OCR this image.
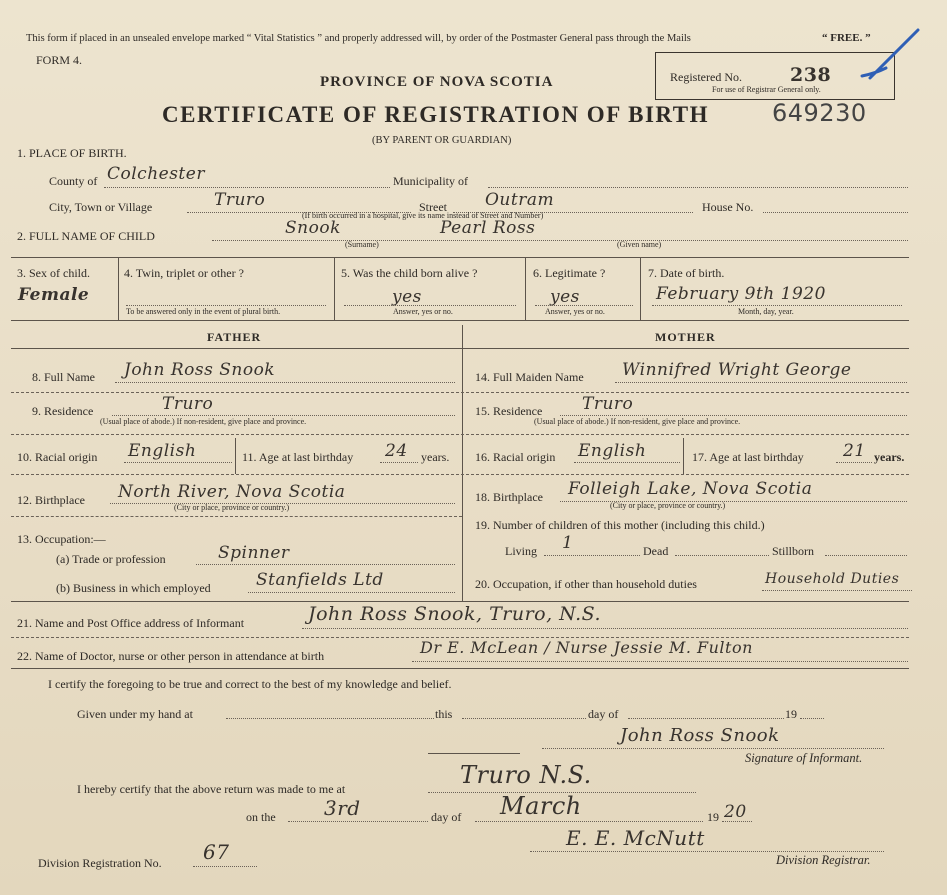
This form if placed in an unsealed envelope marked “ Vital Statistics ” and properly addressed will, by order of the Postmaster General pass through the Mails	“ FREE. ”
FORM 4.
Registered No.	238
For use of Registrar General only.
PROVINCE OF NOVA SCOTIA
CERTIFICATE OF REGISTRATION OF BIRTH	649230
(BY PARENT OR GUARDIAN)
1. PLACE OF BIRTH.
County of Colchester	Municipality of
City, Town or Village	Truro	Street Outram	House No.
(If birth occurred in a hospital, give its name instead of Street and Number)
2. FULL NAME OF CHILD	Snook	Pearl Ross
(Surname)	(Given name)
3. Sex of child.
Female
4. Twin, triplet or other ?
To be answered only in the event of plural birth.
5. Was the child born alive ?
yes
Answer, yes or no.
6. Legitimate ?
yes
Answer, yes or no.
7. Date of birth.
February 9th 1920
Month, day, year.
FATHER	MOTHER
8. Full Name John Ross Snook
9. Residence	Truro
(Usual place of abode.) If non-resident, give place and province.
10. Racial origin English	11. Age at last birthday 24 years.
12. Birthplace North River, Nova Scotia
(City or place, province or country.)
13. Occupation:—
(a) Trade or profession	Spinner
(b) Business in which employed	Stanfields Ltd
14. Full Maiden Name Winnifred Wright George
15. Residence Truro
(Usual place of abode.) If non-resident, give place and province.
16. Racial origin English	17. Age at last birthday 21 years.
18. Birthplace Folleigh Lake, Nova Scotia
(City or place, province or country.)
19. Number of children of this mother (including this child.)
Living 1	Dead	Stillborn
20. Occupation, if other than household duties	Household Duties
21. Name and Post Office address of Informant	John Ross Snook, Truro, N.S.
22. Name of Doctor, nurse or other person in attendance at birth	Dr E. McLean / Nurse Jessie M. Fulton
I certify the foregoing to be true and correct to the best of my knowledge and belief.
Given under my hand at	this	day of	19
John Ross Snook
Signature of Informant.
I hereby certify that the above return was made to me at	Truro N.S.
on the 3rd	day of March	19 20
Division Registration No. 67
E. E. McNutt
Division Registrar.
